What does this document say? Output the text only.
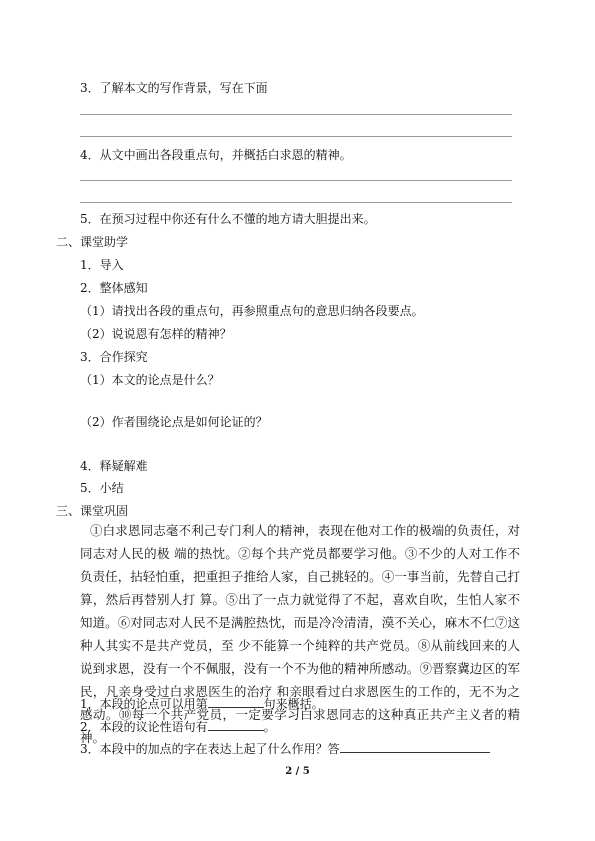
3．了解本文的写作背景，写在下面
4．从文中画出各段重点句，并概括白求恩的精神。
5．在预习过程中你还有什么不懂的地方请大胆提出来。
二、课堂助学
1．导入
2．整体感知
（1）请找出各段的重点句，再参照重点句的意思归纳各段要点。
（2）说说恩有怎样的精神？
3．合作探究
（1）本文的论点是什么？
（2）作者围绕论点是如何论证的？
4．释疑解难
5．小结
三、课堂巩固
①白求恩同志毫不利己专门利人的精神，表现在他对工作的极端的负责任，对同志对人民的极 端的热忱。②每个共产党员都要学习他。③不少的人对工作不负责任，拈轻怕重，把重担子推给人家，自己挑轻的。④一事当前，先替自己打算，然后再替别人打 算。⑤出了一点力就觉得了不起，喜欢自吹，生怕人家不知道。⑥对同志对人民不是满腔热忱，而是冷冷清清，漠不关心，麻木不仁⑦这种人其实不是共产党员，至 少不能算一个纯粹的共产党员。⑧从前线回来的人说到求恩，没有一个不佩服，没有一个不为他的精神所感动。⑨晋察冀边区的军民，凡亲身受过白求恩医生的治疗 和亲眼看过白求恩医生的工作的，无不为之感动。⑩每一个共产党员，一定要学习白求恩同志的这种真正共产主义者的精神。
1．本段的论点可以用第	句来概括。
2．本段的议论性语句有	。
3．本段中的加点的字在表达上起了什么作用？答
2 / 5
